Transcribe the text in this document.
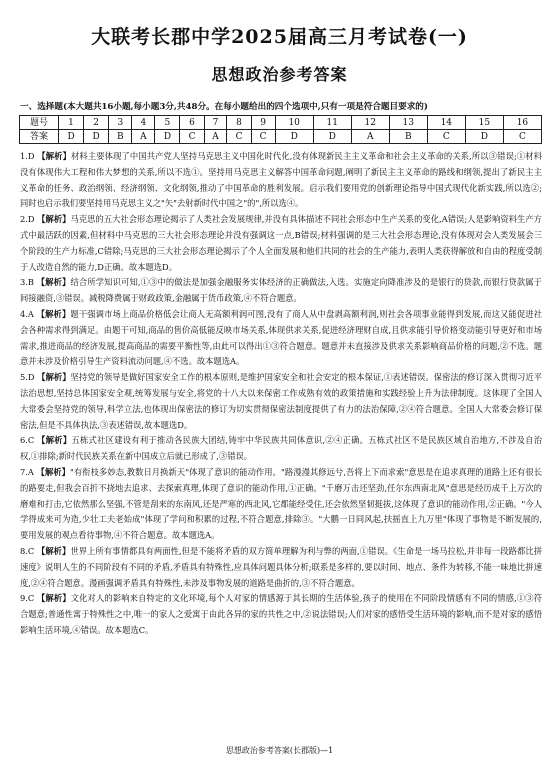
大联考长郡中学2025届高三月考试卷(一)
思想政治参考答案
一、选择题(本大题共16小题,每小题3分,共48分。在每小题给出的四个选项中,只有一项是符合题目要求的)
题号	1	2	3	4	5	6	7	8	9	10	11	12	13	14	15	16
答案	D	D	B	A	D	C	A	C	C	D	D	A	B	C	D	C

1.D 【解析】材料主要体现了中国共产党人坚持马克思主义中国化时代化,没有体现新民主主义革命和社会主义革命的关系,所以③错误;①材料没有体现伟大工程和伟大梦想的关系,所以不选①。坚持用马克思主义解答中国革命问题,阐明了新民主主义革命的路线和纲领,提出了新民主主义革命的任务、政治纲领、经济纲领、文化纲领,推动了中国革命的胜利发展。启示我们要用党的创新理论指导中国式现代化新实践,所以选②;同时也启示我们要坚持用马克思主义之"矢"去射新时代中国之"的",所以选④。

2.D 【解析】马克思的五大社会形态理论揭示了人类社会发展规律,并没有具体描述不同社会形态中生产关系的变化,A错误;人是影响资料生产方式中最活跃的因素,但材料中马克思的三大社会形态理论并没有强调这一点,B错误;材料强调的是三大社会形态理论,没有体现对会人类发展会三个阶段的生产力标准,C错除;马克思的三大社会形态理论揭示了个人全面发展和他们共同的社会的生产能力,表明人类获得解放和自由的程度受制于人改造自然的能力,D正确。故本题选D。

3.B 【解析】结合所学知识可知,①③中的做法是加强金融服务实体经济的正确做法,入选。实施定向降准涉及的是银行的贷款,而银行贷款属于间接融资,③错误。减税降费属于财政政策,金融属于货币政策,④不符合题意。

4.A 【解析】题干强调市场上商品价格低会让商人无高额利润可图,没有了商人从中盘剥高额利润,则社会各项事业能得到发展,而这又能促进社会各种需求得到满足。由题干可知,商品的售价高低能反映市场关系,体现供求关系,促进经济理财自成,且供求能引导价格变动能引导更好和市场需求,推进商品的经济发展,提高商品的需要平衡性等,由此可以得出①③符合题意。题意并未直接涉及供求关系影响商品价格的问题,②不选。题意并未涉及价格引导生产资料流动问题,④不选。故本题选A。

5.D 【解析】坚持党的领导是做好国家安全工作的根本原则,是维护国家安全和社会安定的根本保证,①表述错误。保密法的修订深入贯彻习近平法治思想,坚持总体国家安全观,统筹发展与安全,将党的十八大以来保密工作成熟有效的政策措施和实践经验上升为法律制度。这体现了全国人大常委会坚持党的领导,科学立法,也体现出保密法的修订为切实贯彻保密法制度提供了有力的法治保障,②④符合题意。全国人大常委会修订保密法,但是不具体执法,③表述错误,故本题选D。

6.C 【解析】五栋式社区建设有利于推动各民族大团结,铸牢中华民族共同体意识,②④正确。五栋式社区不是民族区域自治地方,不涉及自治权,①排除;新时代民族关系在新中国成立后就已形成了,③错误。

7.A 【解析】"有衔枝多妙态,教数日月换新天"体现了意识的能动作用。"路漫漫其修远兮,吾将上下而求索"意思是在追求真理的道路上还有很长的路要走,但我会百折不挠地去追求、去探索真理,体现了意识的能动作用,①正确。"千磨万击还坚劲,任尔东西南北风"意思是经历成千上万次的磨难和打击,它依然那么坚强,不管是刮来的东南风,还是严寒的西北风,它都能经受住,还会依然坚韧挺拔,这体现了意识的能动作用,②正确。"今人学得成来可为造,少壮工夫老始成"体现了学问和积累的过程,不符合题意,排除③。"大鹏一日同风起,扶摇直上九万里"体现了事物是不断发展的,要用发展的观点看待事物,④不符合题意。故本题选A。

8.C 【解析】世界上所有事情都具有两面性,但是不能将矛盾的双方简单理解为利与弊的两面,①错误。《生命是一场马拉松,并非每一段路都比拼速度》说明人生的不同阶段有不同的矛盾,矛盾具有特殊性,应具体问题具体分析;联系是多样的,要以时间、地点、条件为转移,不能一味地比拼速度,②④符合题意。漫画强调矛盾具有特殊性,未涉及事物发展的道路是曲折的,③不符合题意。

9.C 【解析】文化对人的影响来自特定的文化环境,每个人对家的情感源于其长期的生活体验,孩子的使用在不同阶段情感有不同的情感,①③符合题意;普通性寓于特殊性之中,唯一的家人之爱寓于由此各异的家的共性之中,②说法错误;人们对家的感悟受生活环境的影响,而不是对家的感悟影响生活环境,④错误。故本题选C。

思想政治参考答案(长郡版)—1
